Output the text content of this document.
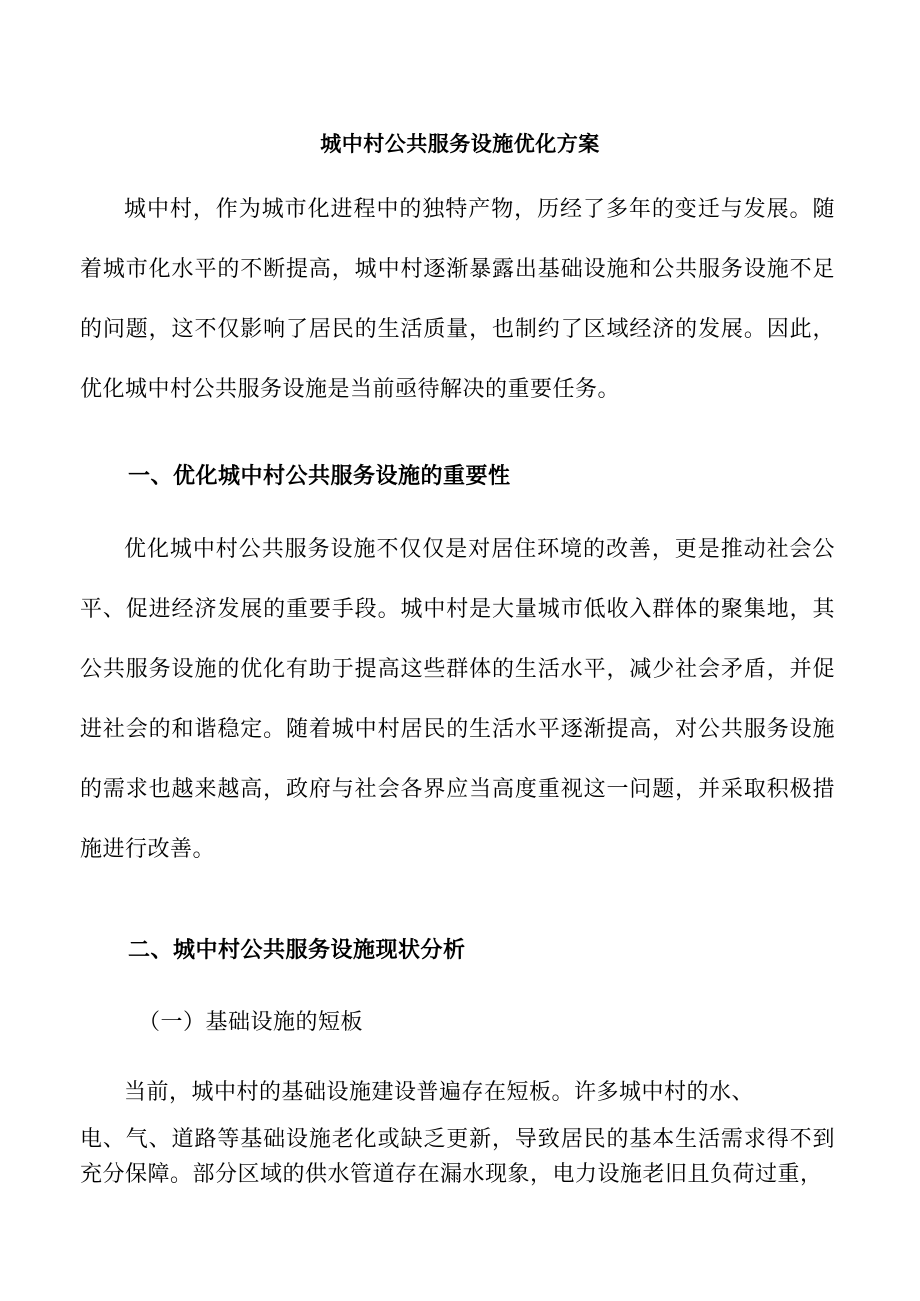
城中村公共服务设施优化方案

城中村，作为城市化进程中的独特产物，历经了多年的变迁与发展。随着城市化水平的不断提高，城中村逐渐暴露出基础设施和公共服务设施不足的问题，这不仅影响了居民的生活质量，也制约了区域经济的发展。因此，优化城中村公共服务设施是当前亟待解决的重要任务。

一、优化城中村公共服务设施的重要性

优化城中村公共服务设施不仅仅是对居住环境的改善，更是推动社会公平、促进经济发展的重要手段。城中村是大量城市低收入群体的聚集地，其公共服务设施的优化有助于提高这些群体的生活水平，减少社会矛盾，并促进社会的和谐稳定。随着城中村居民的生活水平逐渐提高，对公共服务设施的需求也越来越高，政府与社会各界应当高度重视这一问题，并采取积极措施进行改善。

二、城中村公共服务设施现状分析
（一）基础设施的短板

当前，城中村的基础设施建设普遍存在短板。许多城中村的水、

电、气、道路等基础设施老化或缺乏更新，导致居民的基本生活需求得不到充分保障。部分区域的供水管道存在漏水现象，电力设施老旧且负荷过重，
